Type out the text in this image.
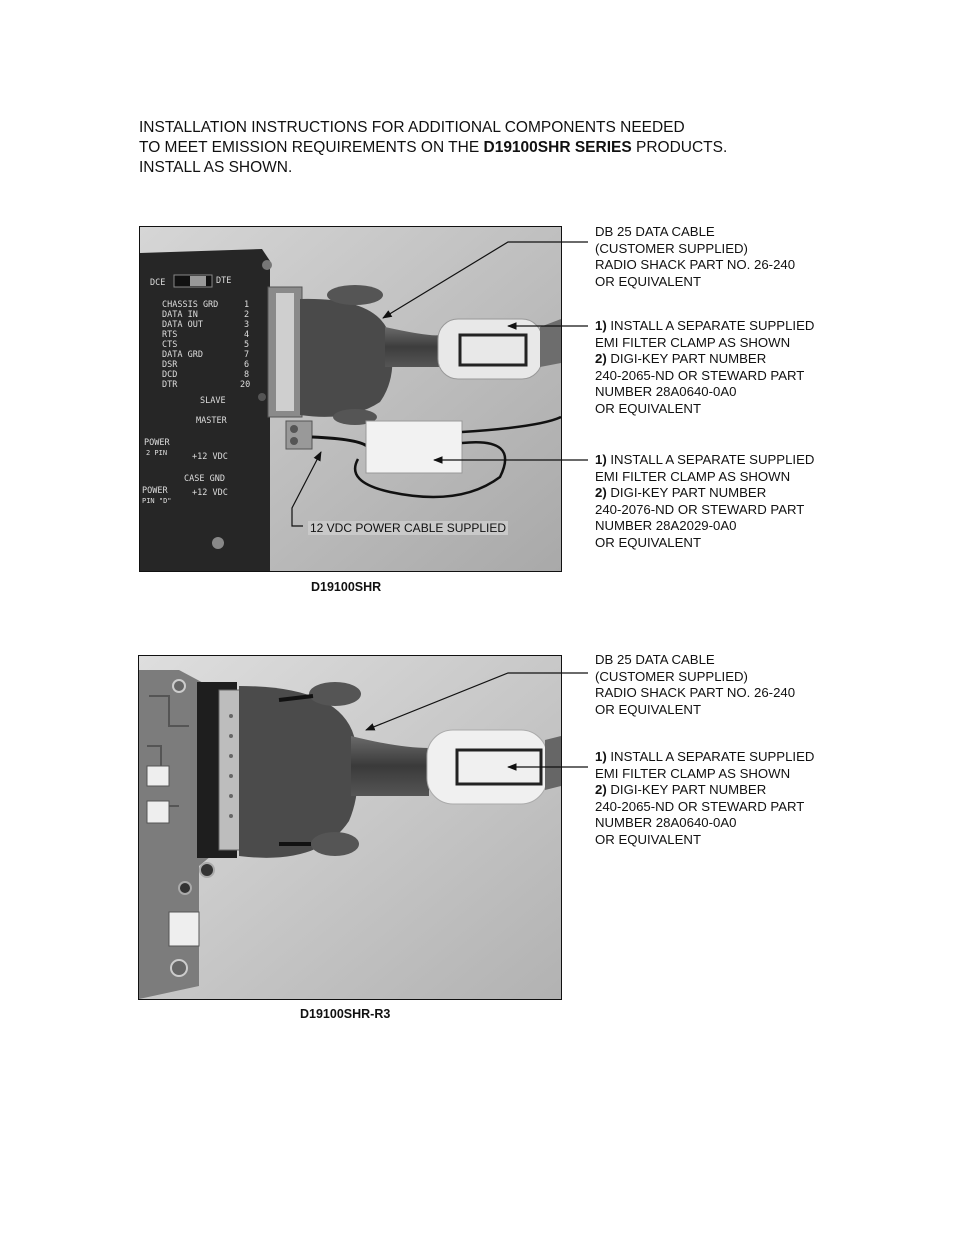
INSTALLATION INSTRUCTIONS FOR ADDITIONAL COMPONENTS NEEDED
TO MEET EMISSION REQUIREMENTS ON THE D19100SHR SERIES PRODUCTS.
INSTALL AS SHOWN.
DCE	DTE
CHASSIS GRD	1
DATA IN	2
DATA OUT	3
RTS	4
CTS	5
DATA GRD	7
DSR	6
DCD	8
DTR	20
SLAVE
MASTER
POWER
2 PIN	+12 VDC
CASE GND
POWER
PIN "D"
+12 VDC
12 VDC POWER CABLE SUPPLIED
D19100SHR

DB 25 DATA CABLE

(CUSTOMER SUPPLIED)

RADIO SHACK PART NO. 26-240

OR EQUIVALENT

1) INSTALL A SEPARATE SUPPLIED

EMI FILTER CLAMP AS SHOWN

2) DIGI-KEY PART NUMBER

240-2065-ND OR STEWARD PART

NUMBER 28A0640-0A0

OR EQUIVALENT

1) INSTALL A SEPARATE SUPPLIED

EMI FILTER CLAMP AS SHOWN

2) DIGI-KEY PART NUMBER

240-2076-ND OR STEWARD PART

NUMBER 28A2029-0A0

OR EQUIVALENT

D19100SHR-R3

DB 25 DATA CABLE

(CUSTOMER SUPPLIED)

RADIO SHACK PART NO. 26-240

OR EQUIVALENT

1) INSTALL A SEPARATE SUPPLIED

EMI FILTER CLAMP AS SHOWN

2) DIGI-KEY PART NUMBER

240-2065-ND OR STEWARD PART

NUMBER 28A0640-0A0

OR EQUIVALENT
